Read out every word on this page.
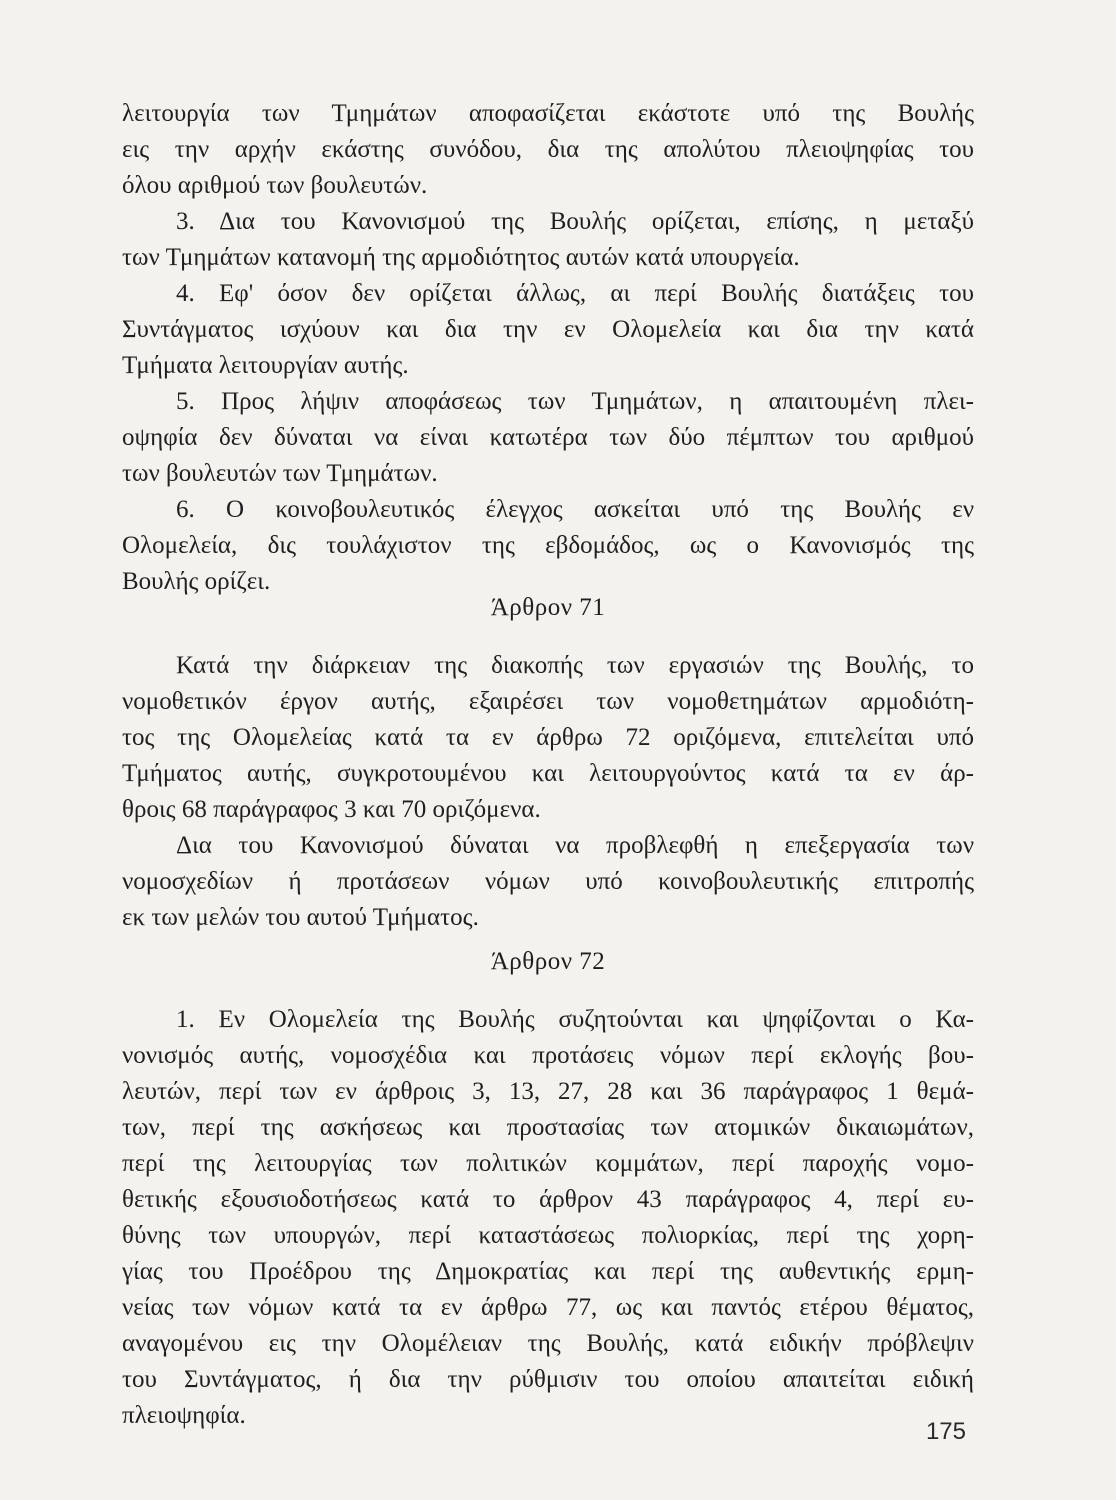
λειτουργία των Τμημάτων αποφασίζεται εκάστοτε υπό της Βουλής
εις την αρχήν εκάστης συνόδου, δια της απολύτου πλειοψηφίας του
όλου αριθμού των βουλευτών.
3. Δια του Κανονισμού της Βουλής ορίζεται, επίσης, η μεταξύ
των Τμημάτων κατανομή της αρμοδιότητος αυτών κατά υπουργεία.
4. Εφ' όσον δεν ορίζεται άλλως, αι περί Βουλής διατάξεις του
Συντάγματος ισχύουν και δια την εν Ολομελεία και δια την κατά
Τμήματα λειτουργίαν αυτής.
5. Προς λήψιν αποφάσεως των Τμημάτων, η απαιτουμένη πλει-
οψηφία δεν δύναται να είναι κατωτέρα των δύο πέμπτων του αριθμού
των βουλευτών των Τμημάτων.
6. Ο κοινοβουλευτικός έλεγχος ασκείται υπό της Βουλής εν
Ολομελεία, δις τουλάχιστον της εβδομάδος, ως ο Κανονισμός της
Βουλής ορίζει.
Άρθρον 71
Κατά την διάρκειαν της διακοπής των εργασιών της Βουλής, το
νομοθετικόν έργον αυτής, εξαιρέσει των νομοθετημάτων αρμοδιότη-
τος της Ολομελείας κατά τα εν άρθρω 72 οριζόμενα, επιτελείται υπό
Τμήματος αυτής, συγκροτουμένου και λειτουργούντος κατά τα εν άρ-
θροις 68 παράγραφος 3 και 70 οριζόμενα.
Δια του Κανονισμού δύναται να προβλεφθή η επεξεργασία των
νομοσχεδίων ή προτάσεων νόμων υπό κοινοβουλευτικής επιτροπής
εκ των μελών του αυτού Τμήματος.
Άρθρον 72
1. Εν Ολομελεία της Βουλής συζητούνται και ψηφίζονται ο Κα-
νονισμός αυτής, νομοσχέδια και προτάσεις νόμων περί εκλογής βου-
λευτών, περί των εν άρθροις 3, 13, 27, 28 και 36 παράγραφος 1 θεμά-
των, περί της ασκήσεως και προστασίας των ατομικών δικαιωμάτων,
περί της λειτουργίας των πολιτικών κομμάτων, περί παροχής νομο-
θετικής εξουσιοδοτήσεως κατά το άρθρον 43 παράγραφος 4, περί ευ-
θύνης των υπουργών, περί καταστάσεως πολιορκίας, περί της χορη-
γίας του Προέδρου της Δημοκρατίας και περί της αυθεντικής ερμη-
νείας των νόμων κατά τα εν άρθρω 77, ως και παντός ετέρου θέματος,
αναγομένου εις την Ολομέλειαν της Βουλής, κατά ειδικήν πρόβλεψιν
του Συντάγματος, ή δια την ρύθμισιν του οποίου απαιτείται ειδική
πλειοψηφία.
175
